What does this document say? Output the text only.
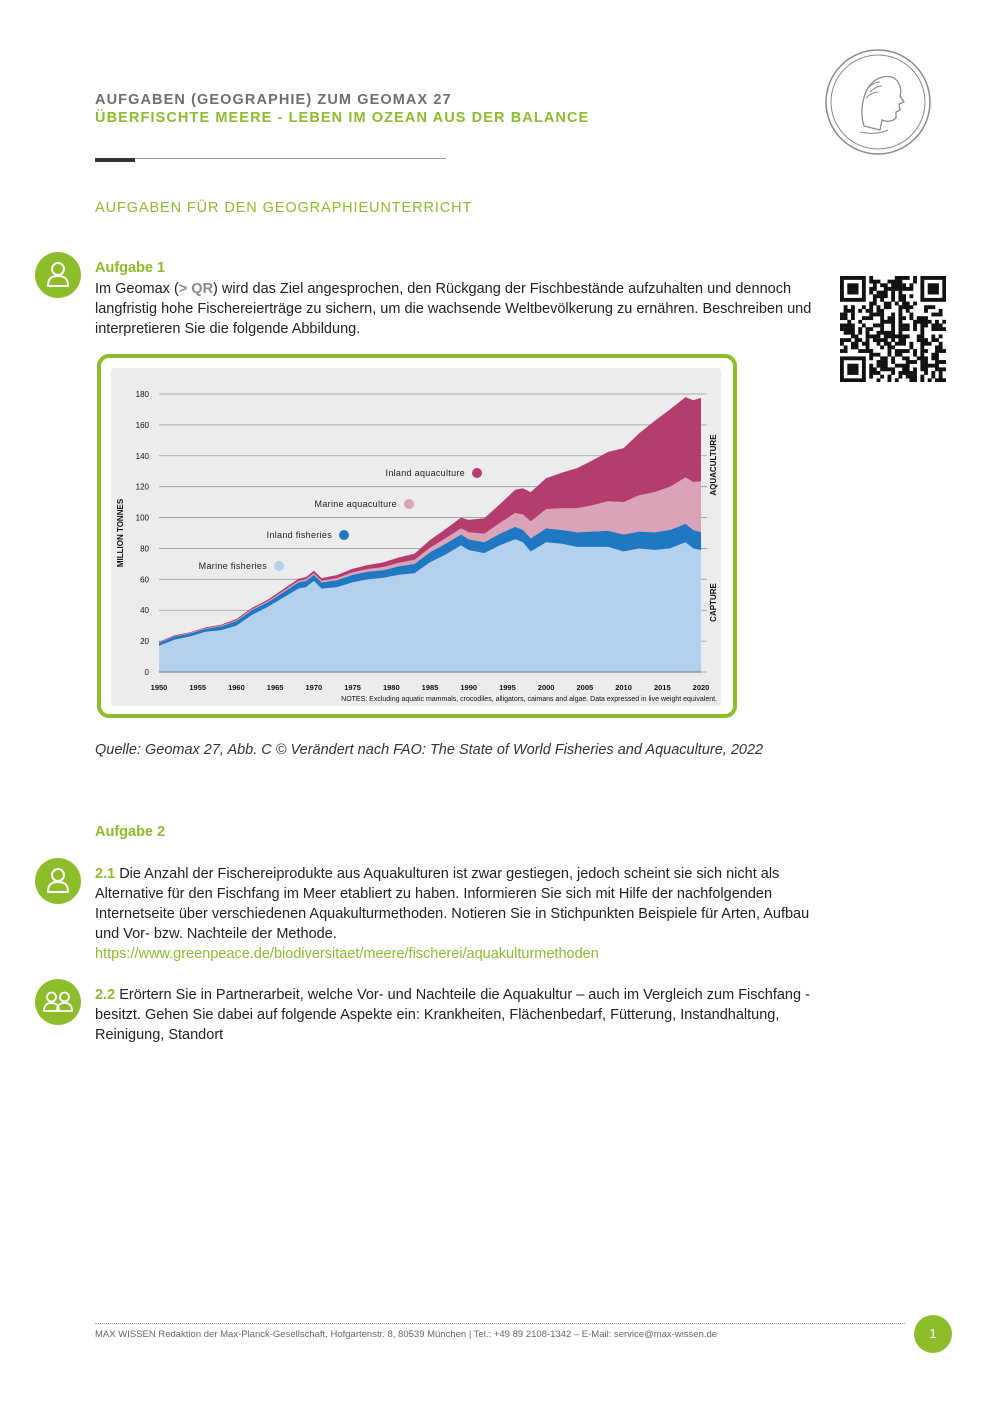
AUFGABEN (GEOGRAPHIE) ZUM GEOMAX 27
ÜBERFISCHTE MEERE - LEBEN IM OZEAN AUS DER BALANCE
AUFGABEN FÜR DEN GEOGRAPHIEUNTERRICHT
Aufgabe 1
Im Geomax (> QR) wird das Ziel angesprochen, den Rückgang der Fischbestände aufzuhalten und dennoch langfristig hohe Fischereierträge zu sichern, um die wachsende Weltbevölkerung zu ernähren. Beschreiben und interpretieren Sie die folgende Abbildung.
0
20
40
60
80
100
120
140
160
180
MILLION TONNES
1950	1955	1960	1965	1970	1975	1980	1985	1990	1995	2000	2005	2010	2015	2020
Inland aquaculture
Marine aquaculture
Inland fisheries
Marine fisheries
CAPTURE
AQUACULTURE
NOTES: Excluding aquatic mammals, crocodiles, alligators, caimans and algae. Data expressed in live weight equivalent.
Quelle: Geomax 27, Abb. C © Verändert nach FAO: The State of World Fisheries and Aquaculture, 2022
Aufgabe 2
2.1 Die Anzahl der Fischereiprodukte aus Aquakulturen ist zwar gestiegen, jedoch scheint sie sich nicht als Alternative für den Fischfang im Meer etabliert zu haben. Informieren Sie sich mit Hilfe der nachfolgenden Internetseite über verschiedenen Aquakulturmethoden. Notieren Sie in Stichpunkten Beispiele für Arten, Aufbau und Vor- bzw. Nachteile der Methode.
https://www.greenpeace.de/biodiversitaet/meere/fischerei/aquakulturmethoden
2.2 Erörtern Sie in Partnerarbeit, welche Vor- und Nachteile die Aquakultur – auch im Vergleich zum Fischfang - besitzt. Gehen Sie dabei auf folgende Aspekte ein: Krankheiten, Flächenbedarf, Fütterung, Instandhaltung, Reinigung, Standort
MAX WISSEN Redaktion der Max-Planck-Gesellschaft, Hofgartenstr. 8, 80539 München | Tel.: +49 89 2108-1342 – E-Mail: service@max-wissen.de	1
